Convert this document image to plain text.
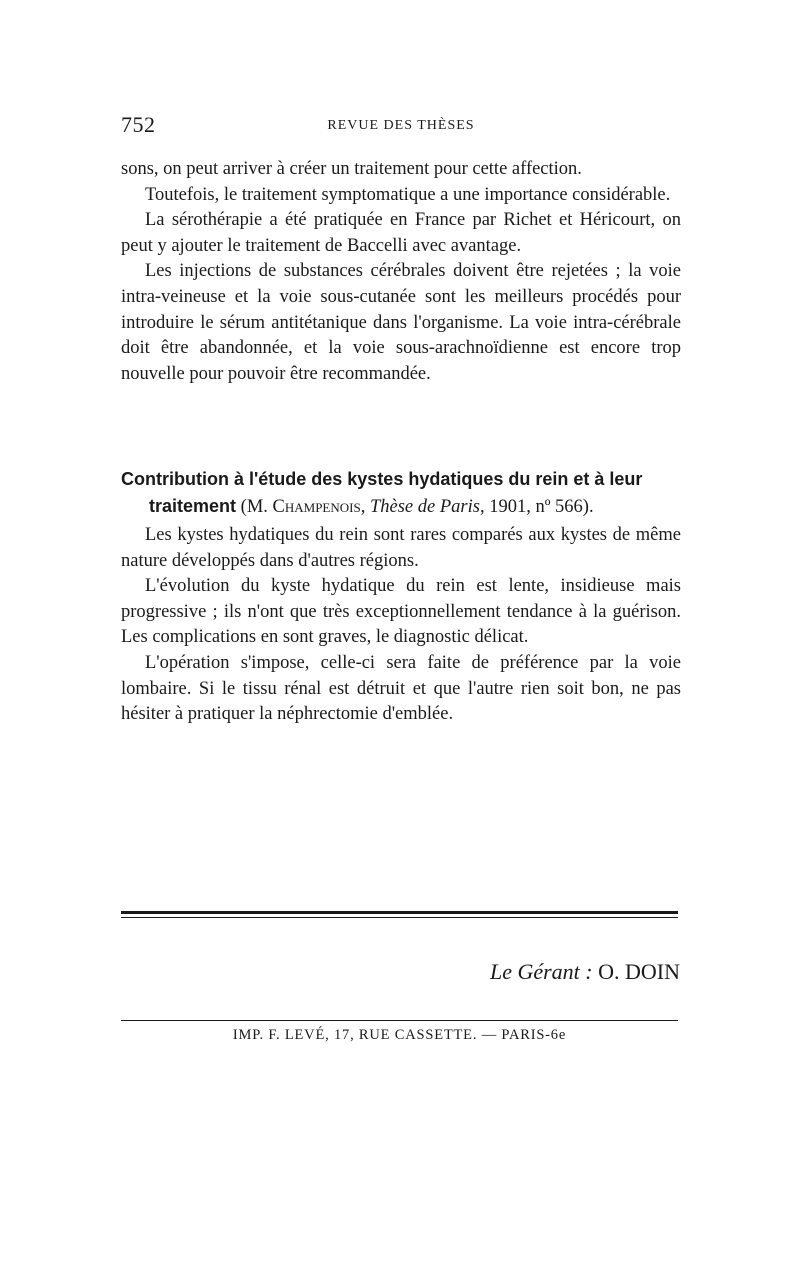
752	REVUE DES THÈSES

sons, on peut arriver à créer un traitement pour cette affection.

Toutefois, le traitement symptomatique a une importance considérable.

La sérothérapie a été pratiquée en France par Richet et Héricourt, on peut y ajouter le traitement de Baccelli avec avantage.

Les injections de substances cérébrales doivent être rejetées ; la voie intra-veineuse et la voie sous-cutanée sont les meilleurs procédés pour introduire le sérum antitétanique dans l'organisme. La voie intra-cérébrale doit être abandonnée, et la voie sous-arachnoïdienne est encore trop nouvelle pour pouvoir être recommandée.

Contribution à l'étude des kystes hydatiques du rein et à leur
traitement (M. Champenois, Thèse de Paris, 1901, nº 566).

Les kystes hydatiques du rein sont rares comparés aux kystes de même nature développés dans d'autres régions.

L'évolution du kyste hydatique du rein est lente, insidieuse mais progressive ; ils n'ont que très exceptionnellement tendance à la guérison. Les complications en sont graves, le diagnostic délicat.

L'opération s'impose, celle-ci sera faite de préférence par la voie lombaire. Si le tissu rénal est détruit et que l'autre rien soit bon, ne pas hésiter à pratiquer la néphrectomie d'emblée.

Le Gérant : O. DOIN
IMP. F. LEVÉ, 17, RUE CASSETTE. — PARIS-6e
